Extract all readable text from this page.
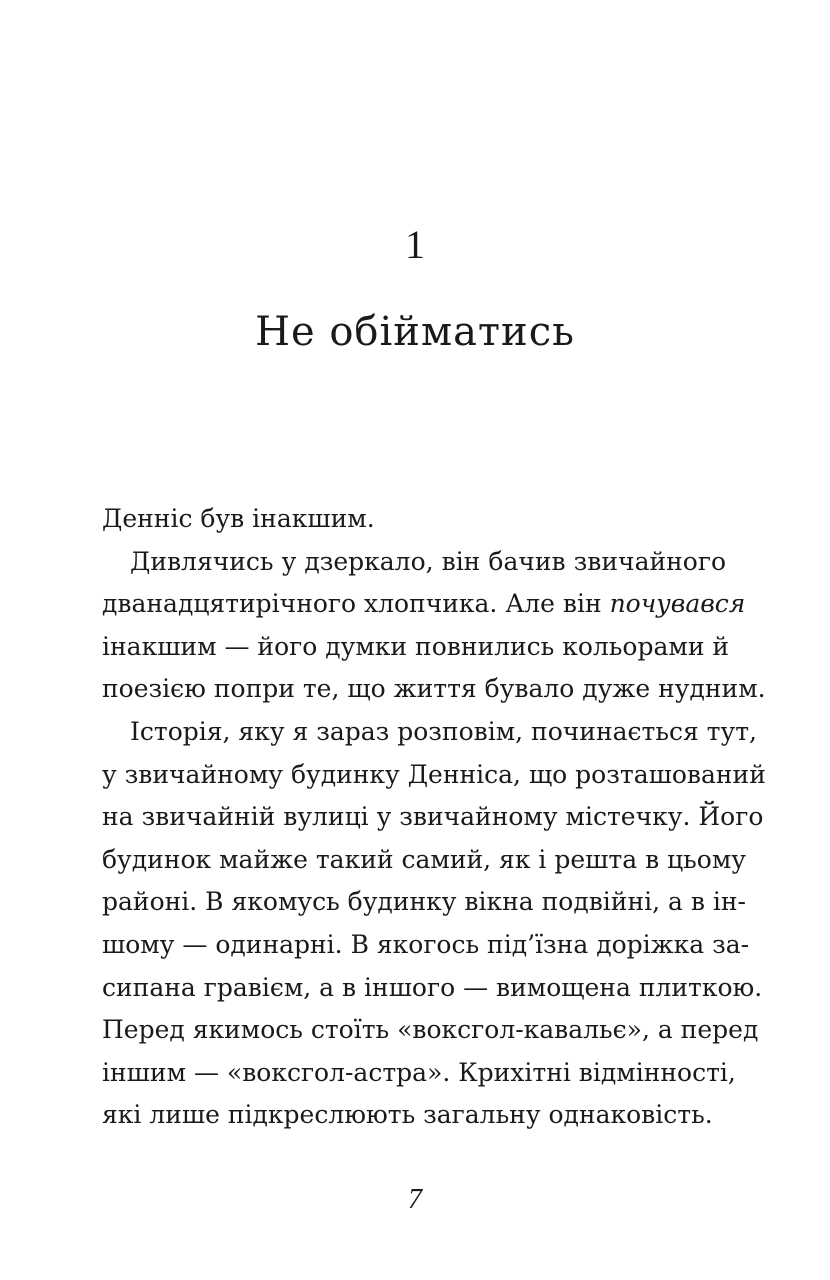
1
Не обійматись
Денніс був інакшим.
Дивлячись у дзеркало, він бачив звичайного
дванадцятирічного хлопчика. Але він почувався
інакшим — його думки повнились кольорами й
поезією попри те, що життя бувало дуже нудним.
Історія, яку я зараз розповім, починається тут,
у звичайному будинку Денніса, що розташований
на звичайній вулиці у звичайному містечку. Його
будинок майже такий самий, як і решта в цьому
районі. В якомусь будинку вікна подвійні, а в ін-
шому — одинарні. В якогось під’їзна доріжка за-
сипана гравієм, а в іншого — вимощена плиткою.
Перед якимось стоїть «воксгол-кавальє», а перед
іншим — «воксгол-астра». Крихітні відмінності,
які лише підкреслюють загальну однаковість.
7
